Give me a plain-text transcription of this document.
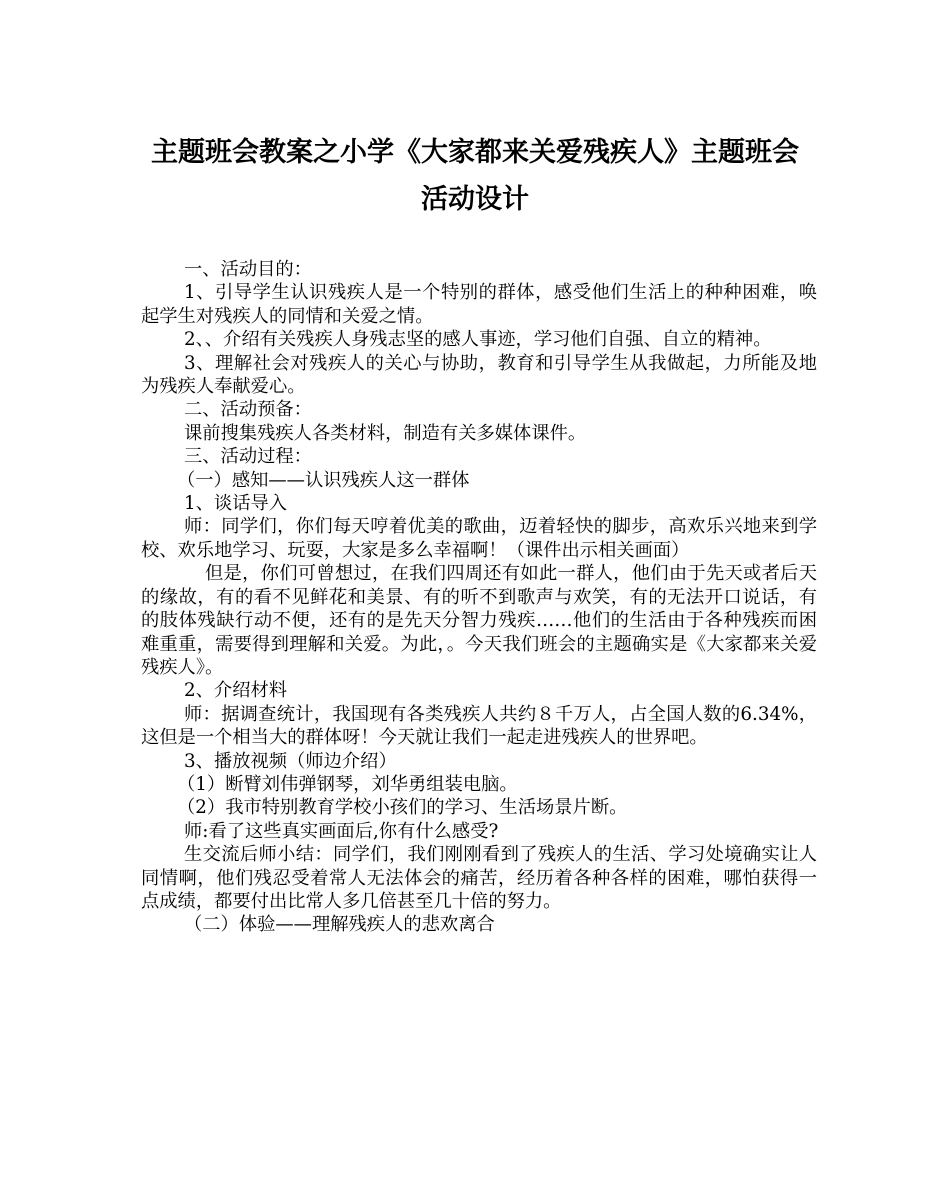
主题班会教案之小学《大家都来关爱残疾人》主题班会
活动设计

一、活动目的：

1、引导学生认识残疾人是一个特别的群体，感受他们生活上的种种困难，唤起学生对残疾人的同情和关爱之情。

2、、介绍有关残疾人身残志坚的感人事迹，学习他们自强、自立的精神。

3、理解社会对残疾人的关心与协助，教育和引导学生从我做起，力所能及地为残疾人奉献爱心。

二、活动预备：

课前搜集残疾人各类材料，制造有关多媒体课件。

三、活动过程：

（一）感知——认识残疾人这一群体

1、谈话导入

师：同学们，你们每天哼着优美的歌曲，迈着轻快的脚步，高欢乐兴地来到学校、欢乐地学习、玩耍，大家是多么幸福啊！（课件出示相关画面）

但是，你们可曾想过，在我们四周还有如此一群人，他们由于先天或者后天的缘故，有的看不见鲜花和美景、有的听不到歌声与欢笑，有的无法开口说话，有的肢体残缺行动不便，还有的是先天分智力残疾……他们的生活由于各种残疾而困难重重，需要得到理解和关爱。为此，。今天我们班会的主题确实是《大家都来关爱残疾人》。

2、介绍材料

师：据调查统计，我国现有各类残疾人共约８千万人，占全国人数的6.34%，这但是一个相当大的群体呀！今天就让我们一起走进残疾人的世界吧。

3、播放视频（师边介绍）

（1）断臂刘伟弹钢琴，刘华勇组装电脑。

（2）我市特别教育学校小孩们的学习、生活场景片断。

师:看了这些真实画面后,你有什么感受?

生交流后师小结：同学们，我们刚刚看到了残疾人的生活、学习处境确实让人同情啊，他们残忍受着常人无法体会的痛苦，经历着各种各样的困难，哪怕获得一点成绩，都要付出比常人多几倍甚至几十倍的努力。

（二）体验——理解残疾人的悲欢离合
